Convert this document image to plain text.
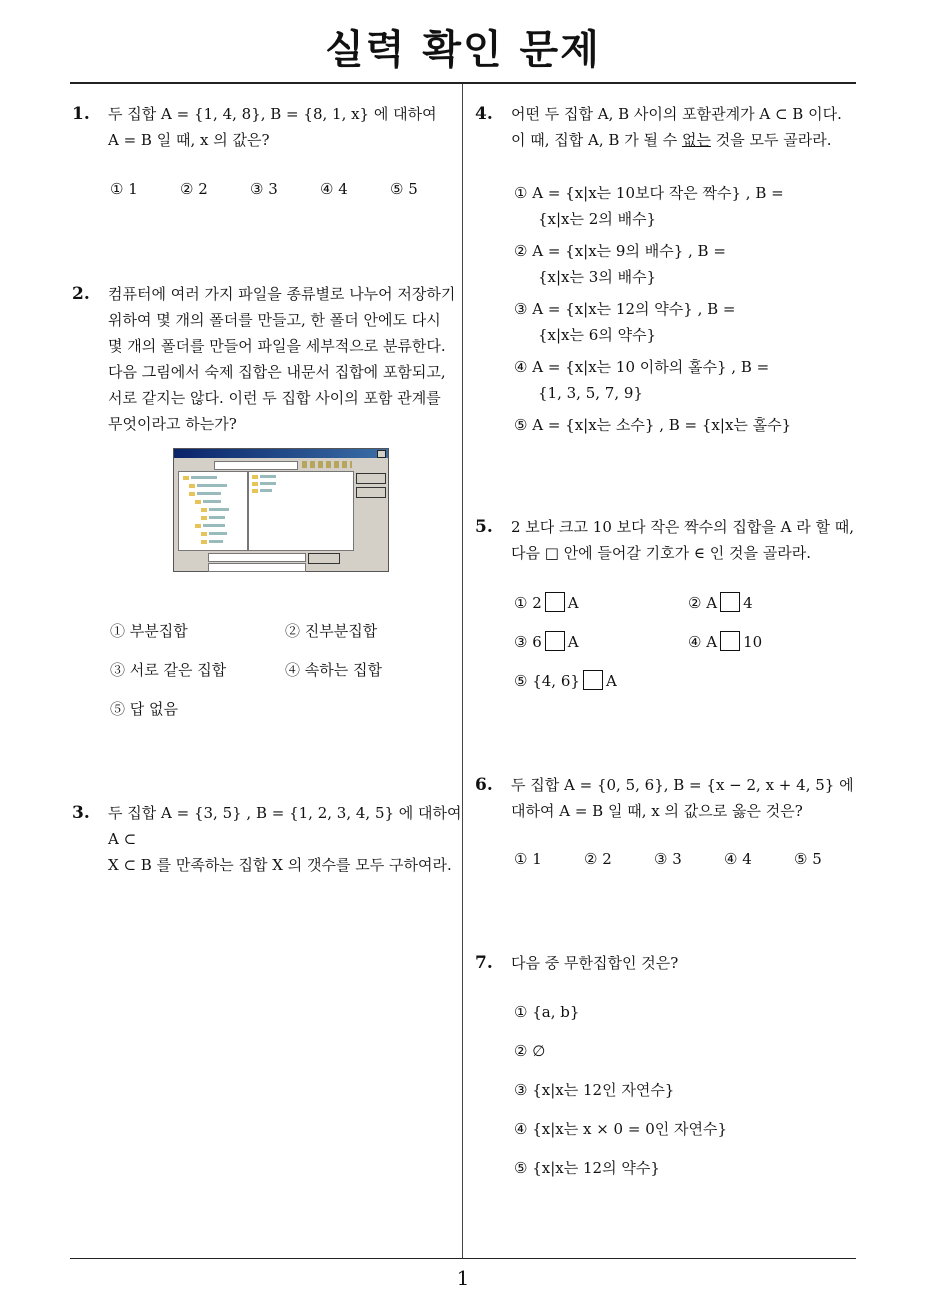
실력 확인 문제
1
1. 두 집합 A = {1, 4, 8}, B = {8, 1, x} 에 대하여
A = B 일 때, x 의 값은?
① 1	② 2	③ 3	④ 4	⑤ 5
2. 컴퓨터에 여러 가지 파일을 종류별로 나누어 저장하기
위하여 몇 개의 폴더를 만들고, 한 폴더 안에도 다시
몇 개의 폴더를 만들어 파일을 세부적으로 분류한다.
다음 그림에서 숙제 집합은 내문서 집합에 포함되고,
서로 같지는 않다. 이런 두 집합 사이의 포함 관계를
무엇이라고 하는가?
① 부분집합	② 진부분집합
③ 서로 같은 집합	④ 속하는 집합
⑤ 답 없음
3. 두 집합 A = {3, 5} , B = {1, 2, 3, 4, 5} 에 대하여 A ⊂
X ⊂ B 를 만족하는 집합 X 의 갯수를 모두 구하여라.
4. 어떤 두 집합 A, B 사이의 포함관계가 A ⊂ B 이다.
이 때, 집합 A, B 가 될 수 없는 것을 모두 골라라.
① A = {x|x는 10보다 작은 짝수} , B =
{x|x는 2의 배수}
② A = {x|x는 9의 배수} , B =
{x|x는 3의 배수}
③ A = {x|x는 12의 약수} , B =
{x|x는 6의 약수}
④ A = {x|x는 10 이하의 홀수} , B =
{1, 3, 5, 7, 9}
⑤ A = {x|x는 소수} , B = {x|x는 홀수}
5. 2 보다 크고 10 보다 작은 짝수의 집합을 A 라 할 때,
다음 □ 안에 들어갈 기호가 ∈ 인 것을 골라라.
① 2 A	② A 4
③ 6 A	④ A 10
⑤ {4, 6} A
6. 두 집합 A = {0, 5, 6}, B = {x − 2, x + 4, 5} 에
대하여 A = B 일 때, x 의 값으로 옳은 것은?
① 1	② 2	③ 3	④ 4	⑤ 5
7. 다음 중 무한집합인 것은?
① {a, b}
② ∅
③ {x|x는 12인 자연수}
④ {x|x는 x × 0 = 0인 자연수}
⑤ {x|x는 12의 약수}
